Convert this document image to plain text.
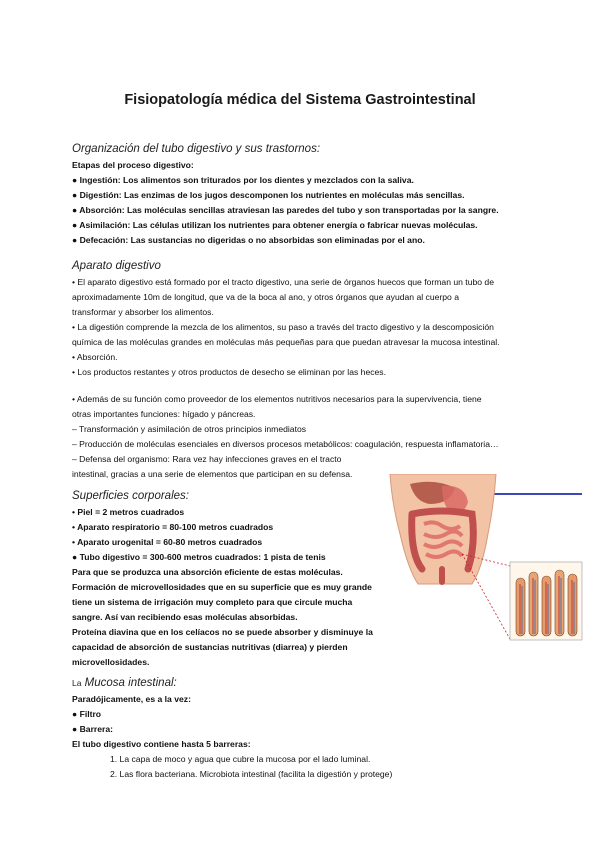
Fisiopatología médica del Sistema Gastrointestinal
Organización del tubo digestivo y sus trastornos:
Etapas del proceso digestivo:
● Ingestión: Los alimentos son triturados por los dientes y mezclados con la saliva.
● Digestión: Las enzimas de los jugos descomponen los nutrientes en moléculas más sencillas.
● Absorción: Las moléculas sencillas atraviesan las paredes del tubo y son transportadas por la sangre.
● Asimilación: Las células utilizan los nutrientes para obtener energía o fabricar nuevas moléculas.
● Defecación: Las sustancias no digeridas o no absorbidas son eliminadas por el ano.
Aparato digestivo
• El aparato digestivo está formado por el tracto digestivo, una serie de órganos huecos que forman un tubo de
aproximadamente 10m de longitud, que va de la boca al ano, y otros órganos que ayudan al cuerpo a
transformar y absorber los alimentos.
• La digestión comprende la mezcla de los alimentos, su paso a través del tracto digestivo y la descomposición
química de las moléculas grandes en moléculas más pequeñas para que puedan atravesar la mucosa intestinal.
• Absorción.
• Los productos restantes y otros productos de desecho se eliminan por las heces.
• Además de su función como proveedor de los elementos nutritivos necesarios para la supervivencia, tiene
otras importantes funciones: hígado y páncreas.
– Transformación y asimilación de otros principios inmediatos
– Producción de moléculas esenciales en diversos procesos metabólicos: coagulación, respuesta inflamatoria…
– Defensa del organismo: Rara vez hay infecciones graves en el tracto
intestinal, gracias a una serie de elementos que participan en su defensa.
Superficies corporales:
• Piel = 2 metros cuadrados
• Aparato respiratorio = 80-100 metros cuadrados
• Aparato urogenital = 60-80 metros cuadrados
● Tubo digestivo = 300-600 metros cuadrados: 1 pista de tenis
Para que se produzca una absorción eficiente de estas moléculas.
Formación de microvellosidades que en su superficie que es muy grande
tiene un sistema de irrigación muy completo para que circule mucha
sangre. Así van recibiendo esas moléculas absorbidas.
Proteína diavina que en los celíacos no se puede absorber y disminuye la
capacidad de absorción de sustancias nutritivas (diarrea) y pierden
microvellosidades.
La Mucosa intestinal:
Paradójicamente, es a la vez:
● Filtro
● Barrera:
El tubo digestivo contiene hasta 5 barreras:
1. La capa de moco y agua que cubre la mucosa por el lado luminal.
2. Las flora bacteriana. Microbiota intestinal (facilita la digestión y protege)
